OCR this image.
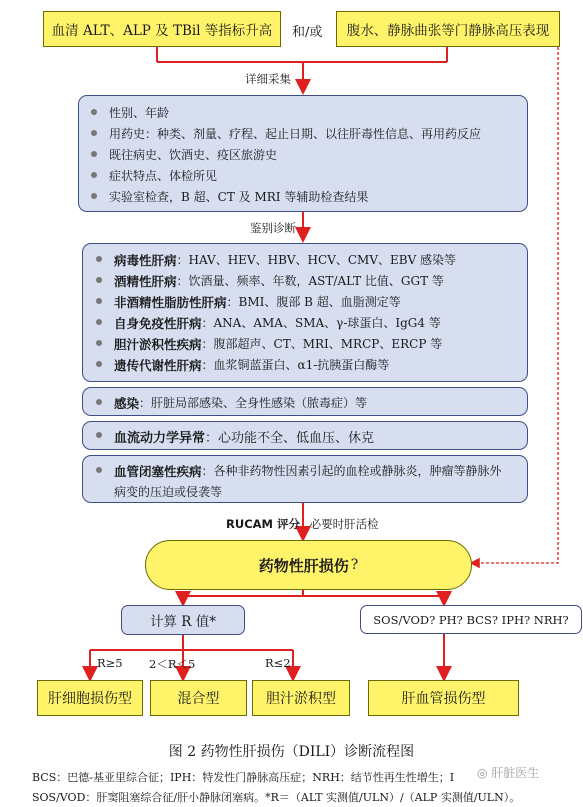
血清 ALT、ALP 及 TBil 等指标升高 和/或 腹水、静脉曲张等门静脉高压表现
详细采集
性别、年龄
用药史：种类、剂量、疗程、起止日期、以往肝毒性信息、再用药反应
既往病史、饮酒史、疫区旅游史
症状特点、体检所见
实验室检查，B 超、CT 及 MRI 等辅助检查结果
鉴别诊断
病毒性肝病 ：HAV、HEV、HBV、HCV、CMV、EBV 感染等
酒精性肝病 ：饮酒量、频率、年数，AST/ALT 比值、GGT 等
非酒精性脂肪性肝病 ：BMI、腹部 B 超、血脂测定等
自身免疫性肝病 ：ANA、AMA、SMA、γ-球蛋白、IgG4 等
胆汁淤积性疾病 ：腹部超声、CT、MRI、MRCP、ERCP 等
遗传代谢性肝病 ：血浆铜蓝蛋白、α1-抗胰蛋白酶等
感染 ：肝脏局部感染、全身性感染（脓毒症）等
血流动力学异常 ：心功能不全、低血压、休克
血管闭塞性疾病 ：各种非药物性因素引起的血栓或静脉炎，肿瘤等静脉外
病变的压迫或侵袭等
RUCAM 评分 必要时肝活检
药物性肝损伤 ?
计算 R 值*	SOS/VOD? PH? BCS? IPH? NRH?
R≥5 2＜R＜5	R≤2
肝细胞损伤型	混合型	胆汁淤积型	肝血管损伤型
图 2 药物性肝损伤（DILI）诊断流程图
BCS：巴德-基亚里综合征；IPH：特发性门静脉高压症；NRH：结节性再生性增生；I
SOS/VOD：肝窦阻塞综合征/肝小静脉闭塞病。*R＝（ALT 实测值/ULN）/（ALP 实测值/ULN）。
◎ 肝脏医生
